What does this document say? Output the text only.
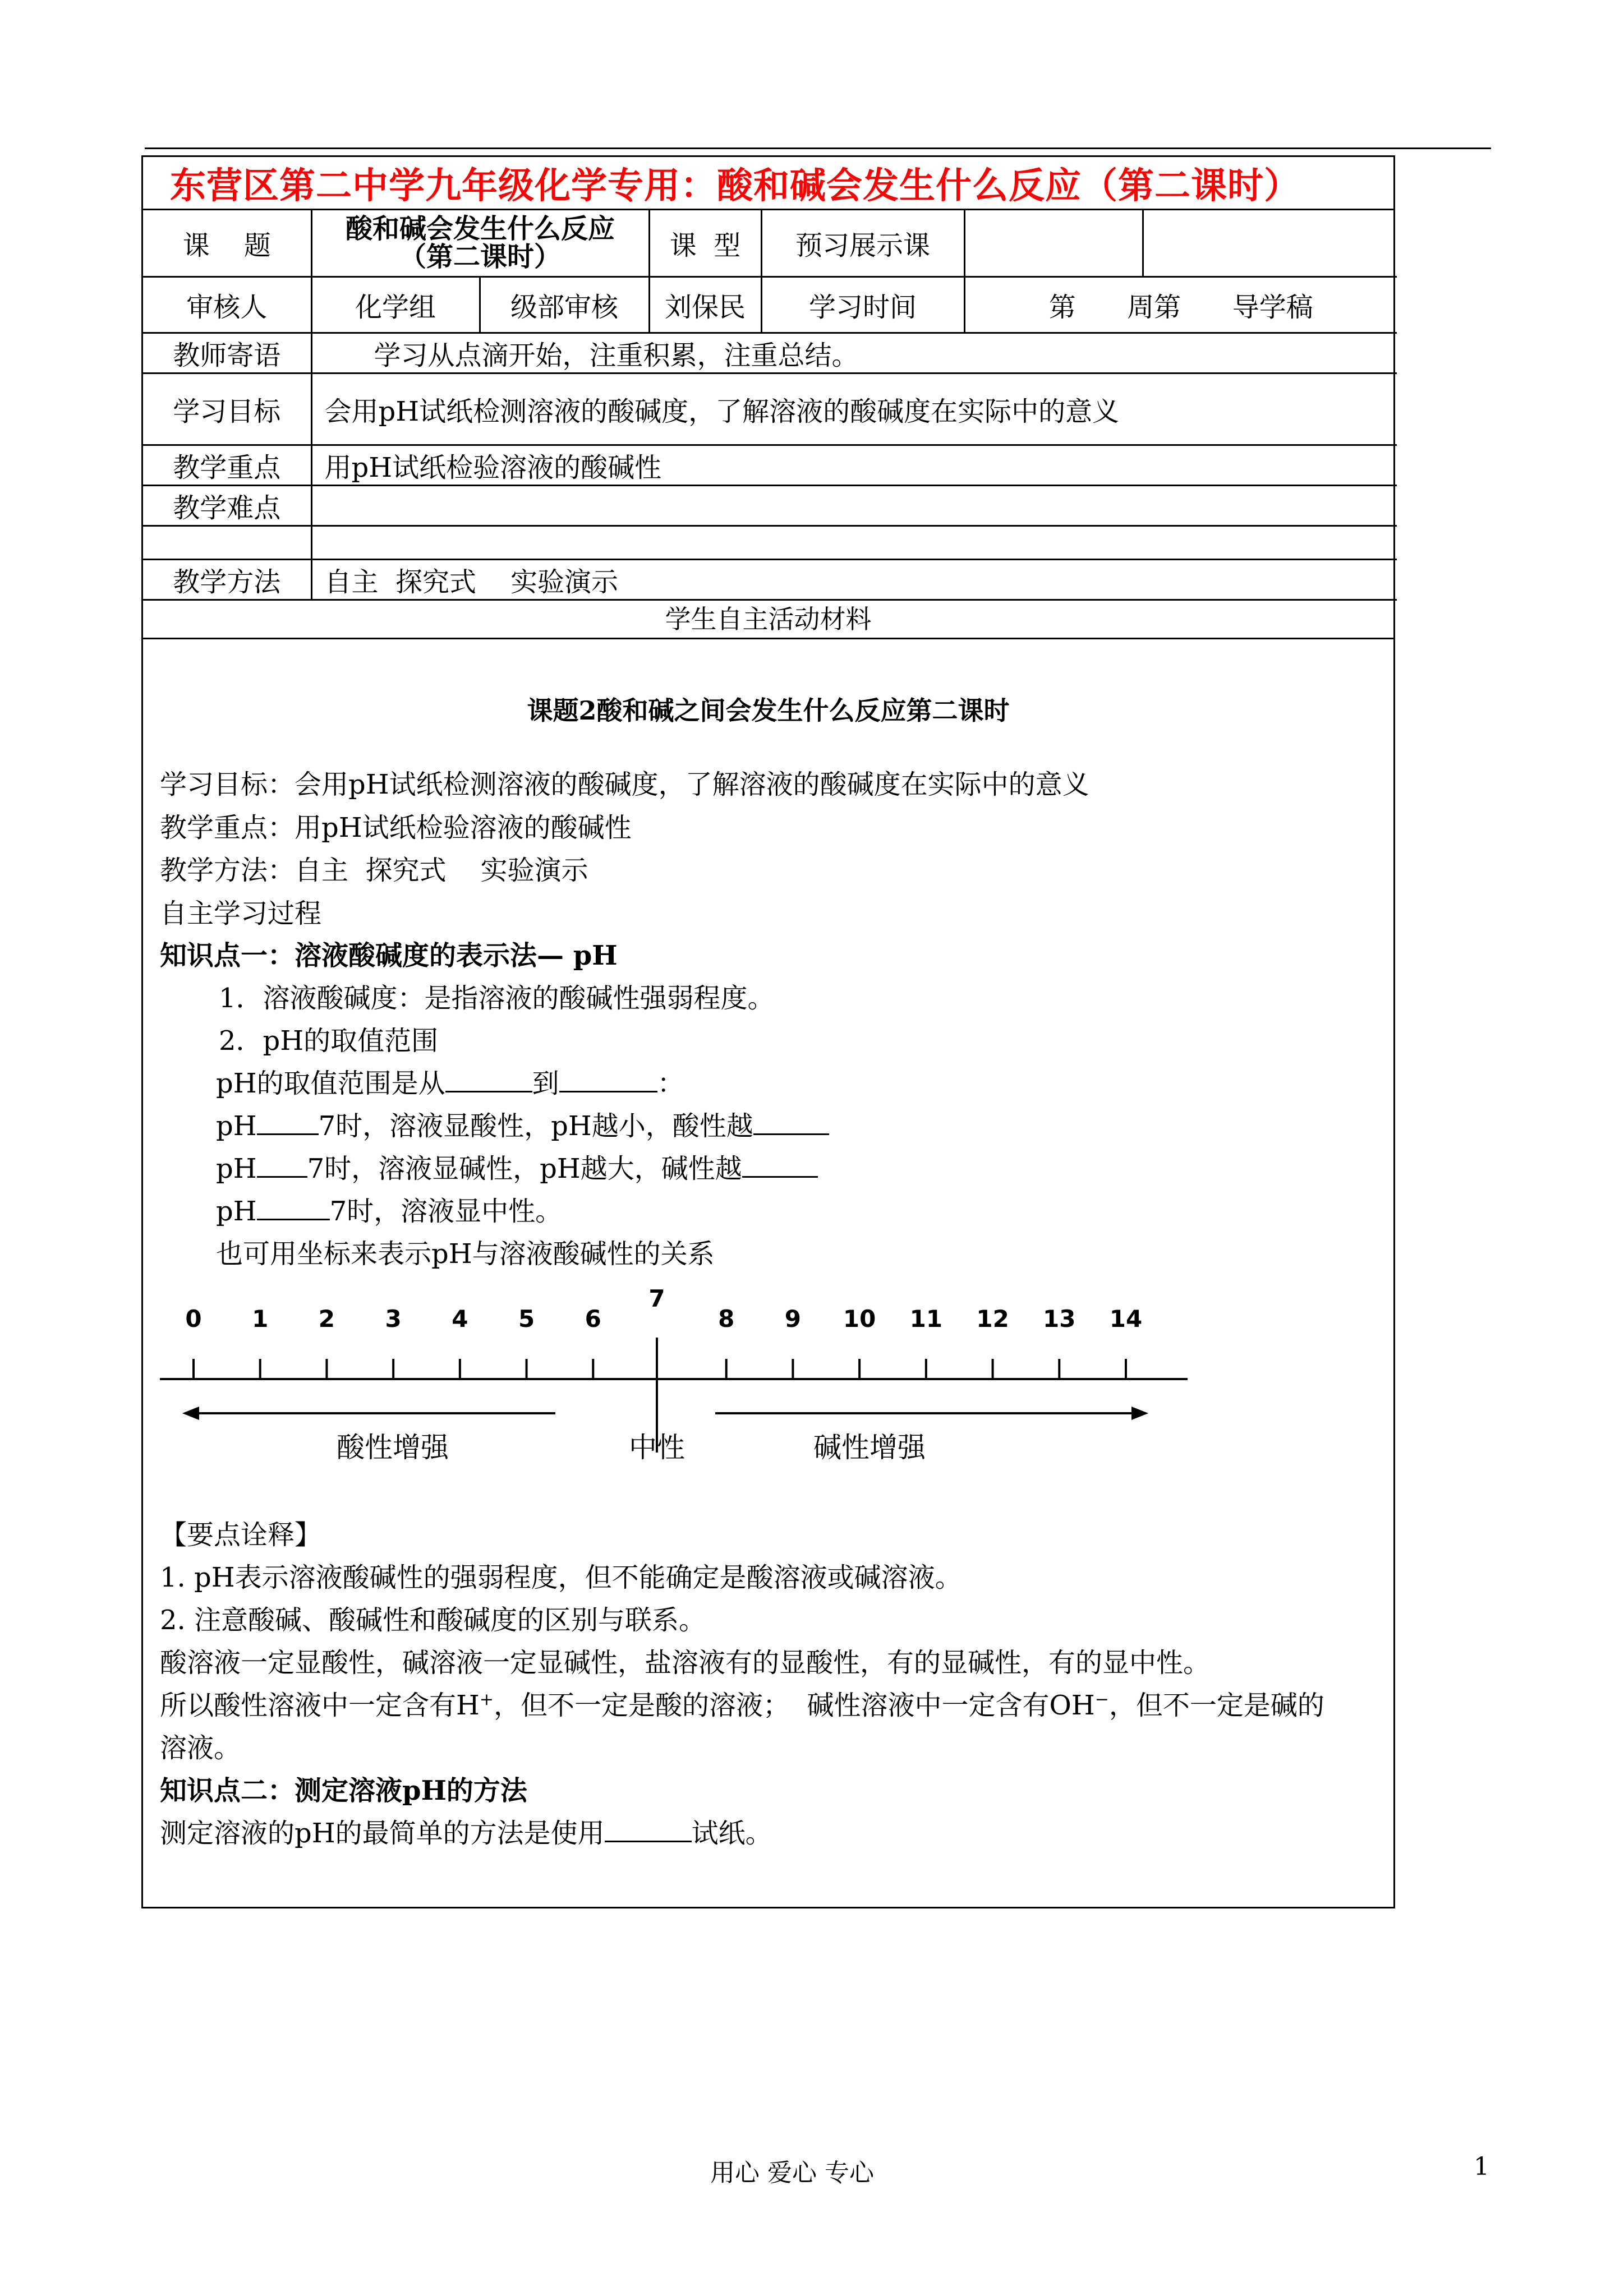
东营区第二中学九年级化学专用：酸和碱会发生什么反应（第二课时）
课    题	酸和碱会发生什么反应
（第二课时）		课  型	预习展示课		
审核人	化学组	级部审核	刘保民	学习时间	第      周第      导学稿	
教师寄语	学习从点滴开始，注重积累，注重总结。					
学习目标	会用pH试纸检测溶液的酸碱度，了解溶液的酸碱度在实际中的意义					
教学重点	用pH试纸检验溶液的酸碱性					
教学难点						

教学方法	自主  探究式    实验演示					
学生自主活动材料
课题2酸和碱之间会发生什么反应第二课时
学习目标：会用pH试纸检测溶液的酸碱度，了解溶液的酸碱度在实际中的意义
教学重点：用pH试纸检验溶液的酸碱性
教学方法：自主  探究式    实验演示
自主学习过程
知识点一：溶液酸碱度的表示法— pH
1．溶液酸碱度：是指溶液的酸碱性强弱程度。
2．pH的取值范围
pH的取值范围是从	到	：
pH 7时，溶液显酸性，pH越小，酸性越
pH 7时，溶液显碱性，pH越大，碱性越
pH	7时，溶液显中性。
也可用坐标来表示pH与溶液酸碱性的关系
0 1 2 3 4 5 6
7
8 9 10 11 12 13 14
酸性增强	中性	碱性增强
【要点诠释】
1. pH表示溶液酸碱性的强弱程度，但不能确定是酸溶液或碱溶液。
2. 注意酸碱、酸碱性和酸碱度的区别与联系。
酸溶液一定显酸性，碱溶液一定显碱性，盐溶液有的显酸性，有的显碱性，有的显中性。
所以酸性溶液中一定含有H+，但不一定是酸的溶液；  碱性溶液中一定含有OH−，但不一定是碱的
溶液。
知识点二：测定溶液pH的方法
测定溶液的pH的最简单的方法是使用	试纸。
用心 爱心 专心	1
